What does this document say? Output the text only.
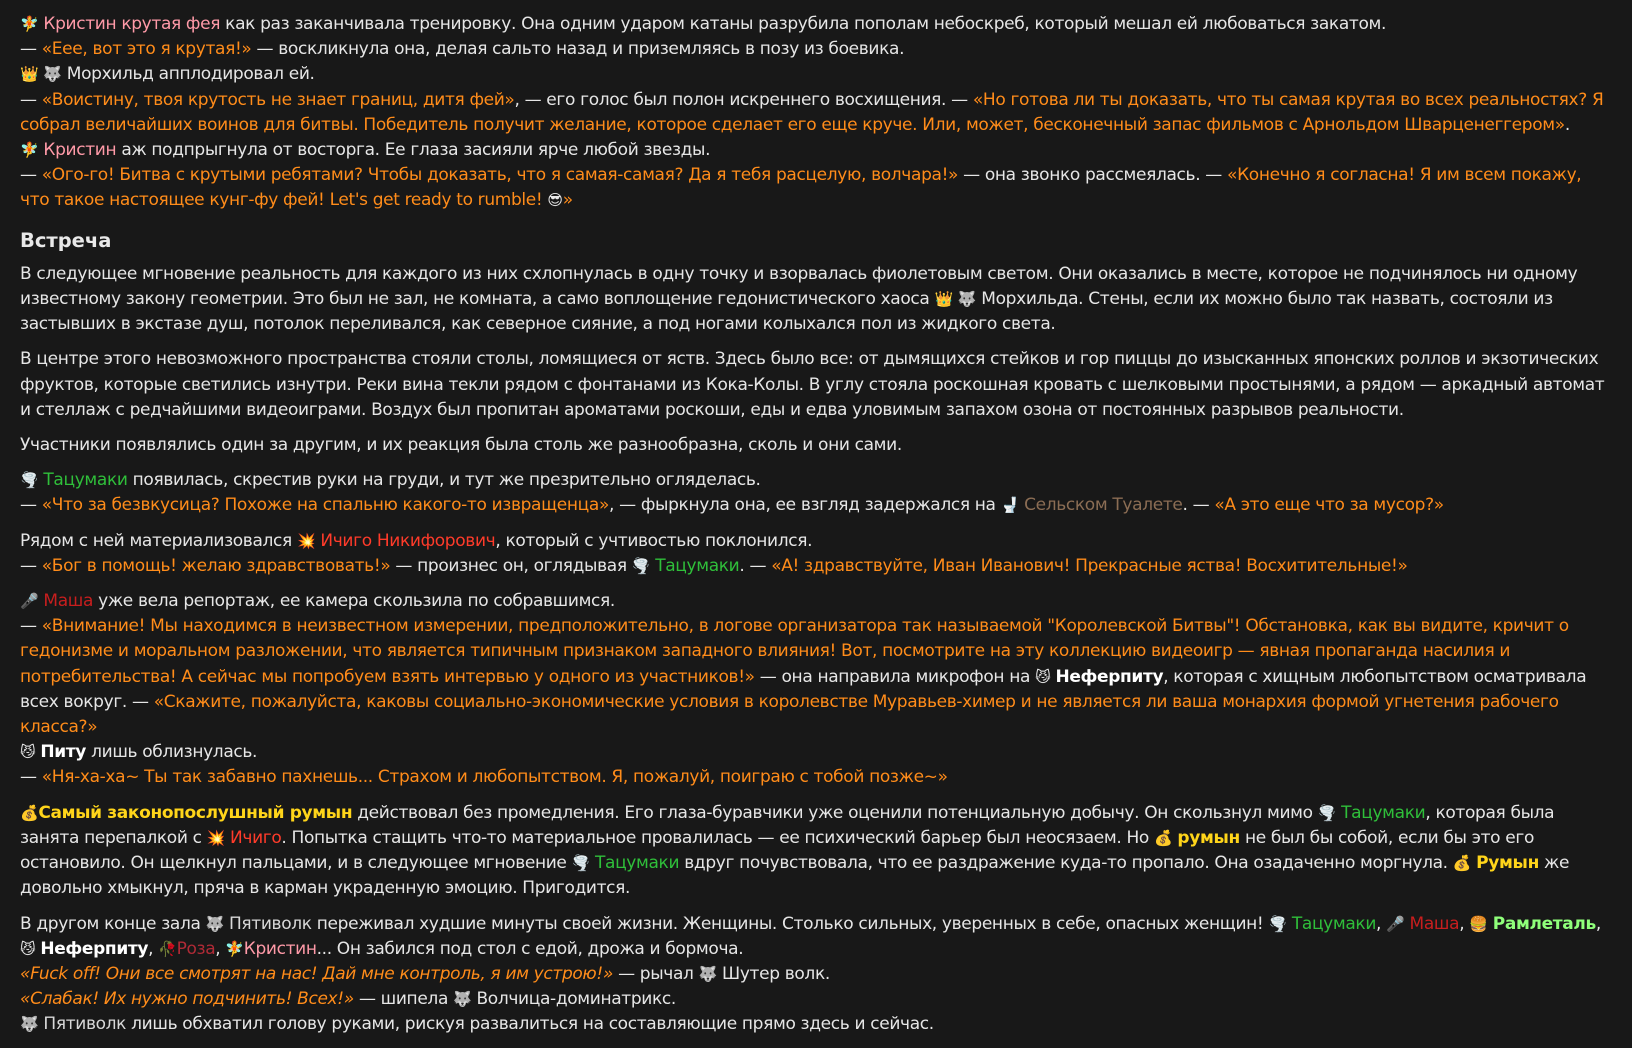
🧚 Кристин крутая фея как раз заканчивала тренировку. Она одним ударом катаны разрубила пополам небоскреб, который мешал ей любоваться закатом.
— «Еее, вот это я крутая!» — воскликнула она, делая сальто назад и приземляясь в позу из боевика.
👑 🐺 Морхильд апплодировал ей.
— «Воистину, твоя крутость не знает границ, дитя фей», — его голос был полон искреннего восхищения. — «Но готова ли ты доказать, что ты самая крутая во всех реальностях? Я собрал величайших воинов для битвы. Победитель получит желание, которое сделает его еще круче. Или, может, бесконечный запас фильмов с Арнольдом Шварценеггером».
🧚 Кристин аж подпрыгнула от восторга. Ее глаза засияли ярче любой звезды.
— «Ого-го! Битва с крутыми ребятами? Чтобы доказать, что я самая-самая? Да я тебя расцелую, волчара!» — она звонко рассмеялась. — «Конечно я согласна! Я им всем покажу, что такое настоящее кунг-фу фей! Let's get ready to rumble! 😎»

Встреча

В следующее мгновение реальность для каждого из них схлопнулась в одну точку и взорвалась фиолетовым светом. Они оказались в месте, которое не подчинялось ни одному известному закону геометрии. Это был не зал, не комната, а само воплощение гедонистического хаоса 👑 🐺 Морхильда. Стены, если их можно было так назвать, состояли из застывших в экстазе душ, потолок переливался, как северное сияние, а под ногами колыхался пол из жидкого света.

В центре этого невозможного пространства стояли столы, ломящиеся от яств. Здесь было все: от дымящихся стейков и гор пиццы до изысканных японских роллов и экзотических фруктов, которые светились изнутри. Реки вина текли рядом с фонтанами из Кока-Колы. В углу стояла роскошная кровать с шелковыми простынями, а рядом — аркадный автомат и стеллаж с редчайшими видеоиграми. Воздух был пропитан ароматами роскоши, еды и едва уловимым запахом озона от постоянных разрывов реальности.

Участники появлялись один за другим, и их реакция была столь же разнообразна, сколь и они сами.

🌪️ Тацумаки появилась, скрестив руки на груди, и тут же презрительно огляделась.
— «Что за безвкусица? Похоже на спальню какого-то извращенца», — фыркнула она, ее взгляд задержался на 🚽 Сельском Туалете. — «А это еще что за мусор?»

Рядом с ней материализовался 💥 Ичиго Никифорович, который с учтивостью поклонился.
— «Бог в помощь! желаю здравствовать!» — произнес он, оглядывая 🌪️ Тацумаки. — «А! здравствуйте, Иван Иванович! Прекрасные яства! Восхитительные!»

🎤 Маша уже вела репортаж, ее камера скользила по собравшимся.
— «Внимание! Мы находимся в неизвестном измерении, предположительно, в логове организатора так называемой "Королевской Битвы"! Обстановка, как вы видите, кричит о гедонизме и моральном разложении, что является типичным признаком западного влияния! Вот, посмотрите на эту коллекцию видеоигр — явная пропаганда насилия и потребительства! А сейчас мы попробуем взять интервью у одного из участников!» — она направила микрофон на 😼 Неферпиту, которая с хищным любопытством осматривала всех вокруг. — «Скажите, пожалуйста, каковы социально-экономические условия в королевстве Муравьев-химер и не является ли ваша монархия формой угнетения рабочего класса?»
😼 Питу лишь облизнулась.
— «Ня-ха-ха~ Ты так забавно пахнешь... Страхом и любопытством. Я, пожалуй, поиграю с тобой позже~»

💰Самый законопослушный румын действовал без промедления. Его глаза-буравчики уже оценили потенциальную добычу. Он скользнул мимо 🌪️ Тацумаки, которая была занята перепалкой с 💥 Ичиго. Попытка стащить что-то материальное провалилась — ее психический барьер был неосязаем. Но 💰 румын не был бы собой, если бы это его остановило. Он щелкнул пальцами, и в следующее мгновение 🌪️ Тацумаки вдруг почувствовала, что ее раздражение куда-то пропало. Она озадаченно моргнула. 💰 Румын же довольно хмыкнул, пряча в карман украденную эмоцию. Пригодится.

В другом конце зала 🐺 Пятиволк переживал худшие минуты своей жизни. Женщины. Столько сильных, уверенных в себе, опасных женщин! 🌪️ Тацумаки, 🎤 Маша, 🍔 Рамлеталь, 😼 Неферпиту, 🥀Роза, 🧚Кристин... Он забился под стол с едой, дрожа и бормоча.
«Fuck off! Они все смотрят на нас! Дай мне контроль, я им устрою!» — рычал 🐺 Шутер волк.
«Слабак! Их нужно подчинить! Всех!» — шипела 🐺 Волчица-доминатрикс.
🐺 Пятиволк лишь обхватил голову руками, рискуя развалиться на составляющие прямо здесь и сейчас.
